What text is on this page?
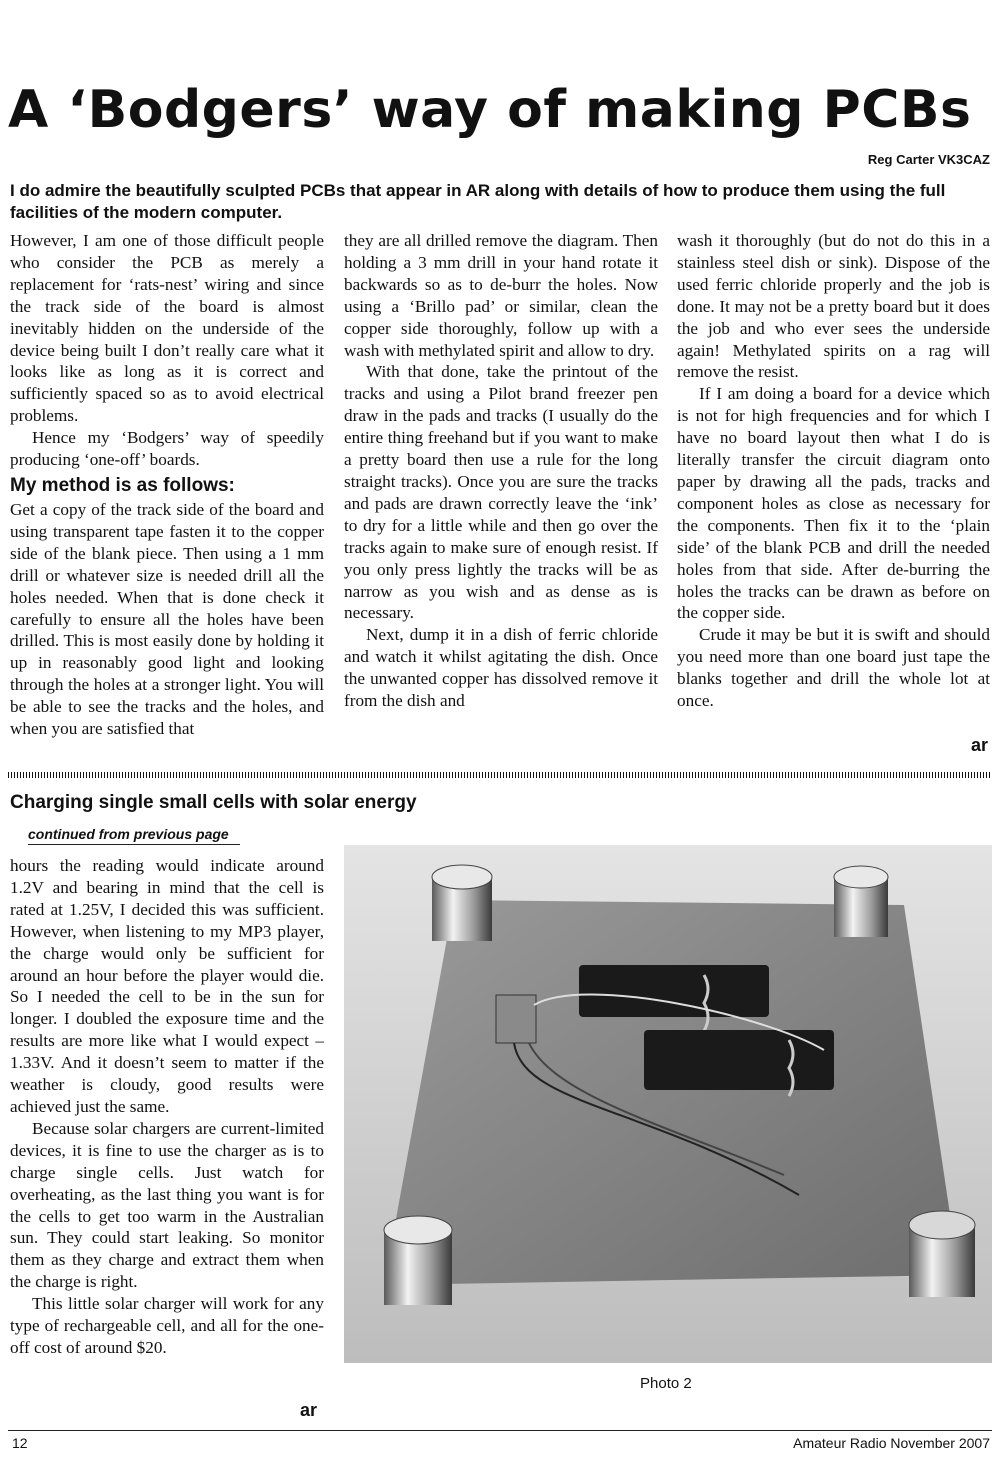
A ‘Bodgers’ way of making PCBs
Reg Carter VK3CAZ
I do admire the beautifully sculpted PCBs that appear in AR along with details of how to produce them using the full facilities of the modern computer.

However, I am one of those difficult people who consider the PCB as merely a replacement for ‘rats-nest’ wiring and since the track side of the board is almost inevitably hidden on the underside of the device being built I don’t really care what it looks like as long as it is correct and sufficiently spaced so as to avoid electrical problems.

Hence my ‘Bodgers’ way of speedily producing ‘one-off’ boards.

My method is as follows:

Get a copy of the track side of the board and using transparent tape fasten it to the copper side of the blank piece. Then using a 1 mm drill or whatever size is needed drill all the holes needed. When that is done check it carefully to ensure all the holes have been drilled. This is most easily done by holding it up in reasonably good light and looking through the holes at a stronger light. You will be able to see the tracks and the holes, and when you are satisfied that

they are all drilled remove the diagram. Then holding a 3 mm drill in your hand rotate it backwards so as to de-burr the holes. Now using a ‘Brillo pad’ or similar, clean the copper side thoroughly, follow up with a wash with methylated spirit and allow to dry.

With that done, take the printout of the tracks and using a Pilot brand freezer pen draw in the pads and tracks (I usually do the entire thing freehand but if you want to make a pretty board then use a rule for the long straight tracks). Once you are sure the tracks and pads are drawn correctly leave the ‘ink’ to dry for a little while and then go over the tracks again to make sure of enough resist. If you only press lightly the tracks will be as narrow as you wish and as dense as is necessary.

Next, dump it in a dish of ferric chloride and watch it whilst agitating the dish. Once the unwanted copper has dissolved remove it from the dish and

wash it thoroughly (but do not do this in a stainless steel dish or sink). Dispose of the used ferric chloride properly and the job is done. It may not be a pretty board but it does the job and who ever sees the underside again! Methylated spirits on a rag will remove the resist.

If I am doing a board for a device which is not for high frequencies and for which I have no board layout then what I do is literally transfer the circuit diagram onto paper by drawing all the pads, tracks and component holes as close as necessary for the components. Then fix it to the ‘plain side’ of the blank PCB and drill the needed holes from that side. After de-burring the holes the tracks can be drawn as before on the copper side.

Crude it may be but it is swift and should you need more than one board just tape the blanks together and drill the whole lot at once.

ar
Charging single small cells with solar energy
continued from previous page

hours the reading would indicate around 1.2V and bearing in mind that the cell is rated at 1.25V, I decided this was sufficient. However, when listening to my MP3 player, the charge would only be sufficient for around an hour before the player would die. So I needed the cell to be in the sun for longer. I doubled the exposure time and the results are more like what I would expect – 1.33V. And it doesn’t seem to matter if the weather is cloudy, good results were achieved just the same.

Because solar chargers are current-limited devices, it is fine to use the charger as is to charge single cells. Just watch for overheating, as the last thing you want is for the cells to get too warm in the Australian sun. They could start leaking. So monitor them as they charge and extract them when the charge is right.

This little solar charger will work for any type of rechargeable cell, and all for the one-off cost of around $20.

ar
Photo 2
12	Amateur Radio November 2007
